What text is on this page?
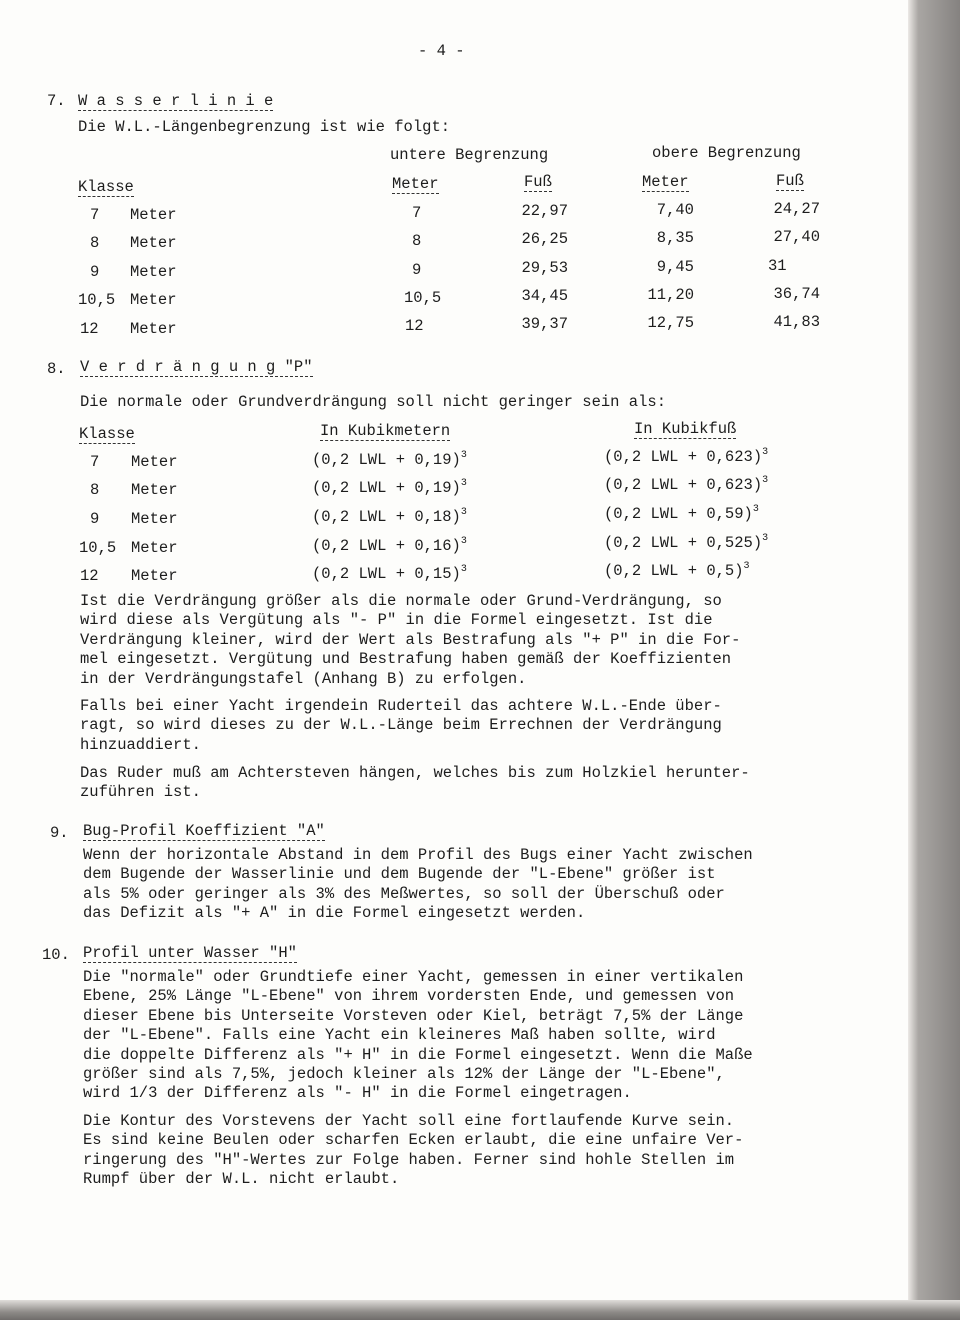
- 4 -
7. W a s s e r l i n i e
Die W.L.-Längenbegrenzung ist wie folgt:
untere Begrenzung	obere Begrenzung
Klasse	Meter	Fuß	Meter	Fuß
7 Meter	7	22,97	7,40	24,27
8 Meter	8	26,25	8,35	27,40
9 Meter	9	29,53	9,45	31
10,5 Meter	10,5	34,45	11,20	36,74
12 Meter	12	39,37	12,75	41,83
8. V e r d r ä n g u n g "P"
Die normale oder Grundverdrängung soll nicht geringer sein als:
Klasse	In Kubikmetern	In Kubikfuß
7 Meter	(0,2 LWL + 0,19)$^3$	(0,2 LWL + 0,623)$^3$
8 Meter	(0,2 LWL + 0,19)$^3$	(0,2 LWL + 0,623)$^3$
9 Meter	(0,2 LWL + 0,18)$^3$	(0,2 LWL + 0,59)$^3$
10,5 Meter	(0,2 LWL + 0,16)$^3$	(0,2 LWL + 0,525)$^3$
12 Meter	(0,2 LWL + 0,15)$^3$	(0,2 LWL + 0,5)$^3$
Ist die Verdrängung größer als die normale oder Grund-Verdrängung, so
wird diese als Vergütung als "- P" in die Formel eingesetzt. Ist die
Verdrängung kleiner, wird der Wert als Bestrafung als "+ P" in die For-
mel eingesetzt. Vergütung und Bestrafung haben gemäß der Koeffizienten
in der Verdrängungstafel (Anhang B) zu erfolgen.
Falls bei einer Yacht irgendein Ruderteil das achtere W.L.-Ende über-
ragt, so wird dieses zu der W.L.-Länge beim Errechnen der Verdrängung
hinzuaddiert.
Das Ruder muß am Achtersteven hängen, welches bis zum Holzkiel herunter-
zuführen ist.
9. Bug-Profil Koeffizient "A"
Wenn der horizontale Abstand in dem Profil des Bugs einer Yacht zwischen
dem Bugende der Wasserlinie und dem Bugende der "L-Ebene" größer ist
als 5% oder geringer als 3% des Meßwertes, so soll der Überschuß oder
das Defizit als "+ A" in die Formel eingesetzt werden.
10. Profil unter Wasser "H"
Die "normale" oder Grundtiefe einer Yacht, gemessen in einer vertikalen
Ebene, 25% Länge "L-Ebene" von ihrem vordersten Ende, und gemessen von
dieser Ebene bis Unterseite Vorsteven oder Kiel, beträgt 7,5% der Länge
der "L-Ebene". Falls eine Yacht ein kleineres Maß haben sollte, wird
die doppelte Differenz als "+ H" in die Formel eingesetzt. Wenn die Maße
größer sind als 7,5%, jedoch kleiner als 12% der Länge der "L-Ebene",
wird 1/3 der Differenz als "- H" in die Formel eingetragen.
Die Kontur des Vorstevens der Yacht soll eine fortlaufende Kurve sein.
Es sind keine Beulen oder scharfen Ecken erlaubt, die eine unfaire Ver-
ringerung des "H"-Wertes zur Folge haben. Ferner sind hohle Stellen im
Rumpf über der W.L. nicht erlaubt.
